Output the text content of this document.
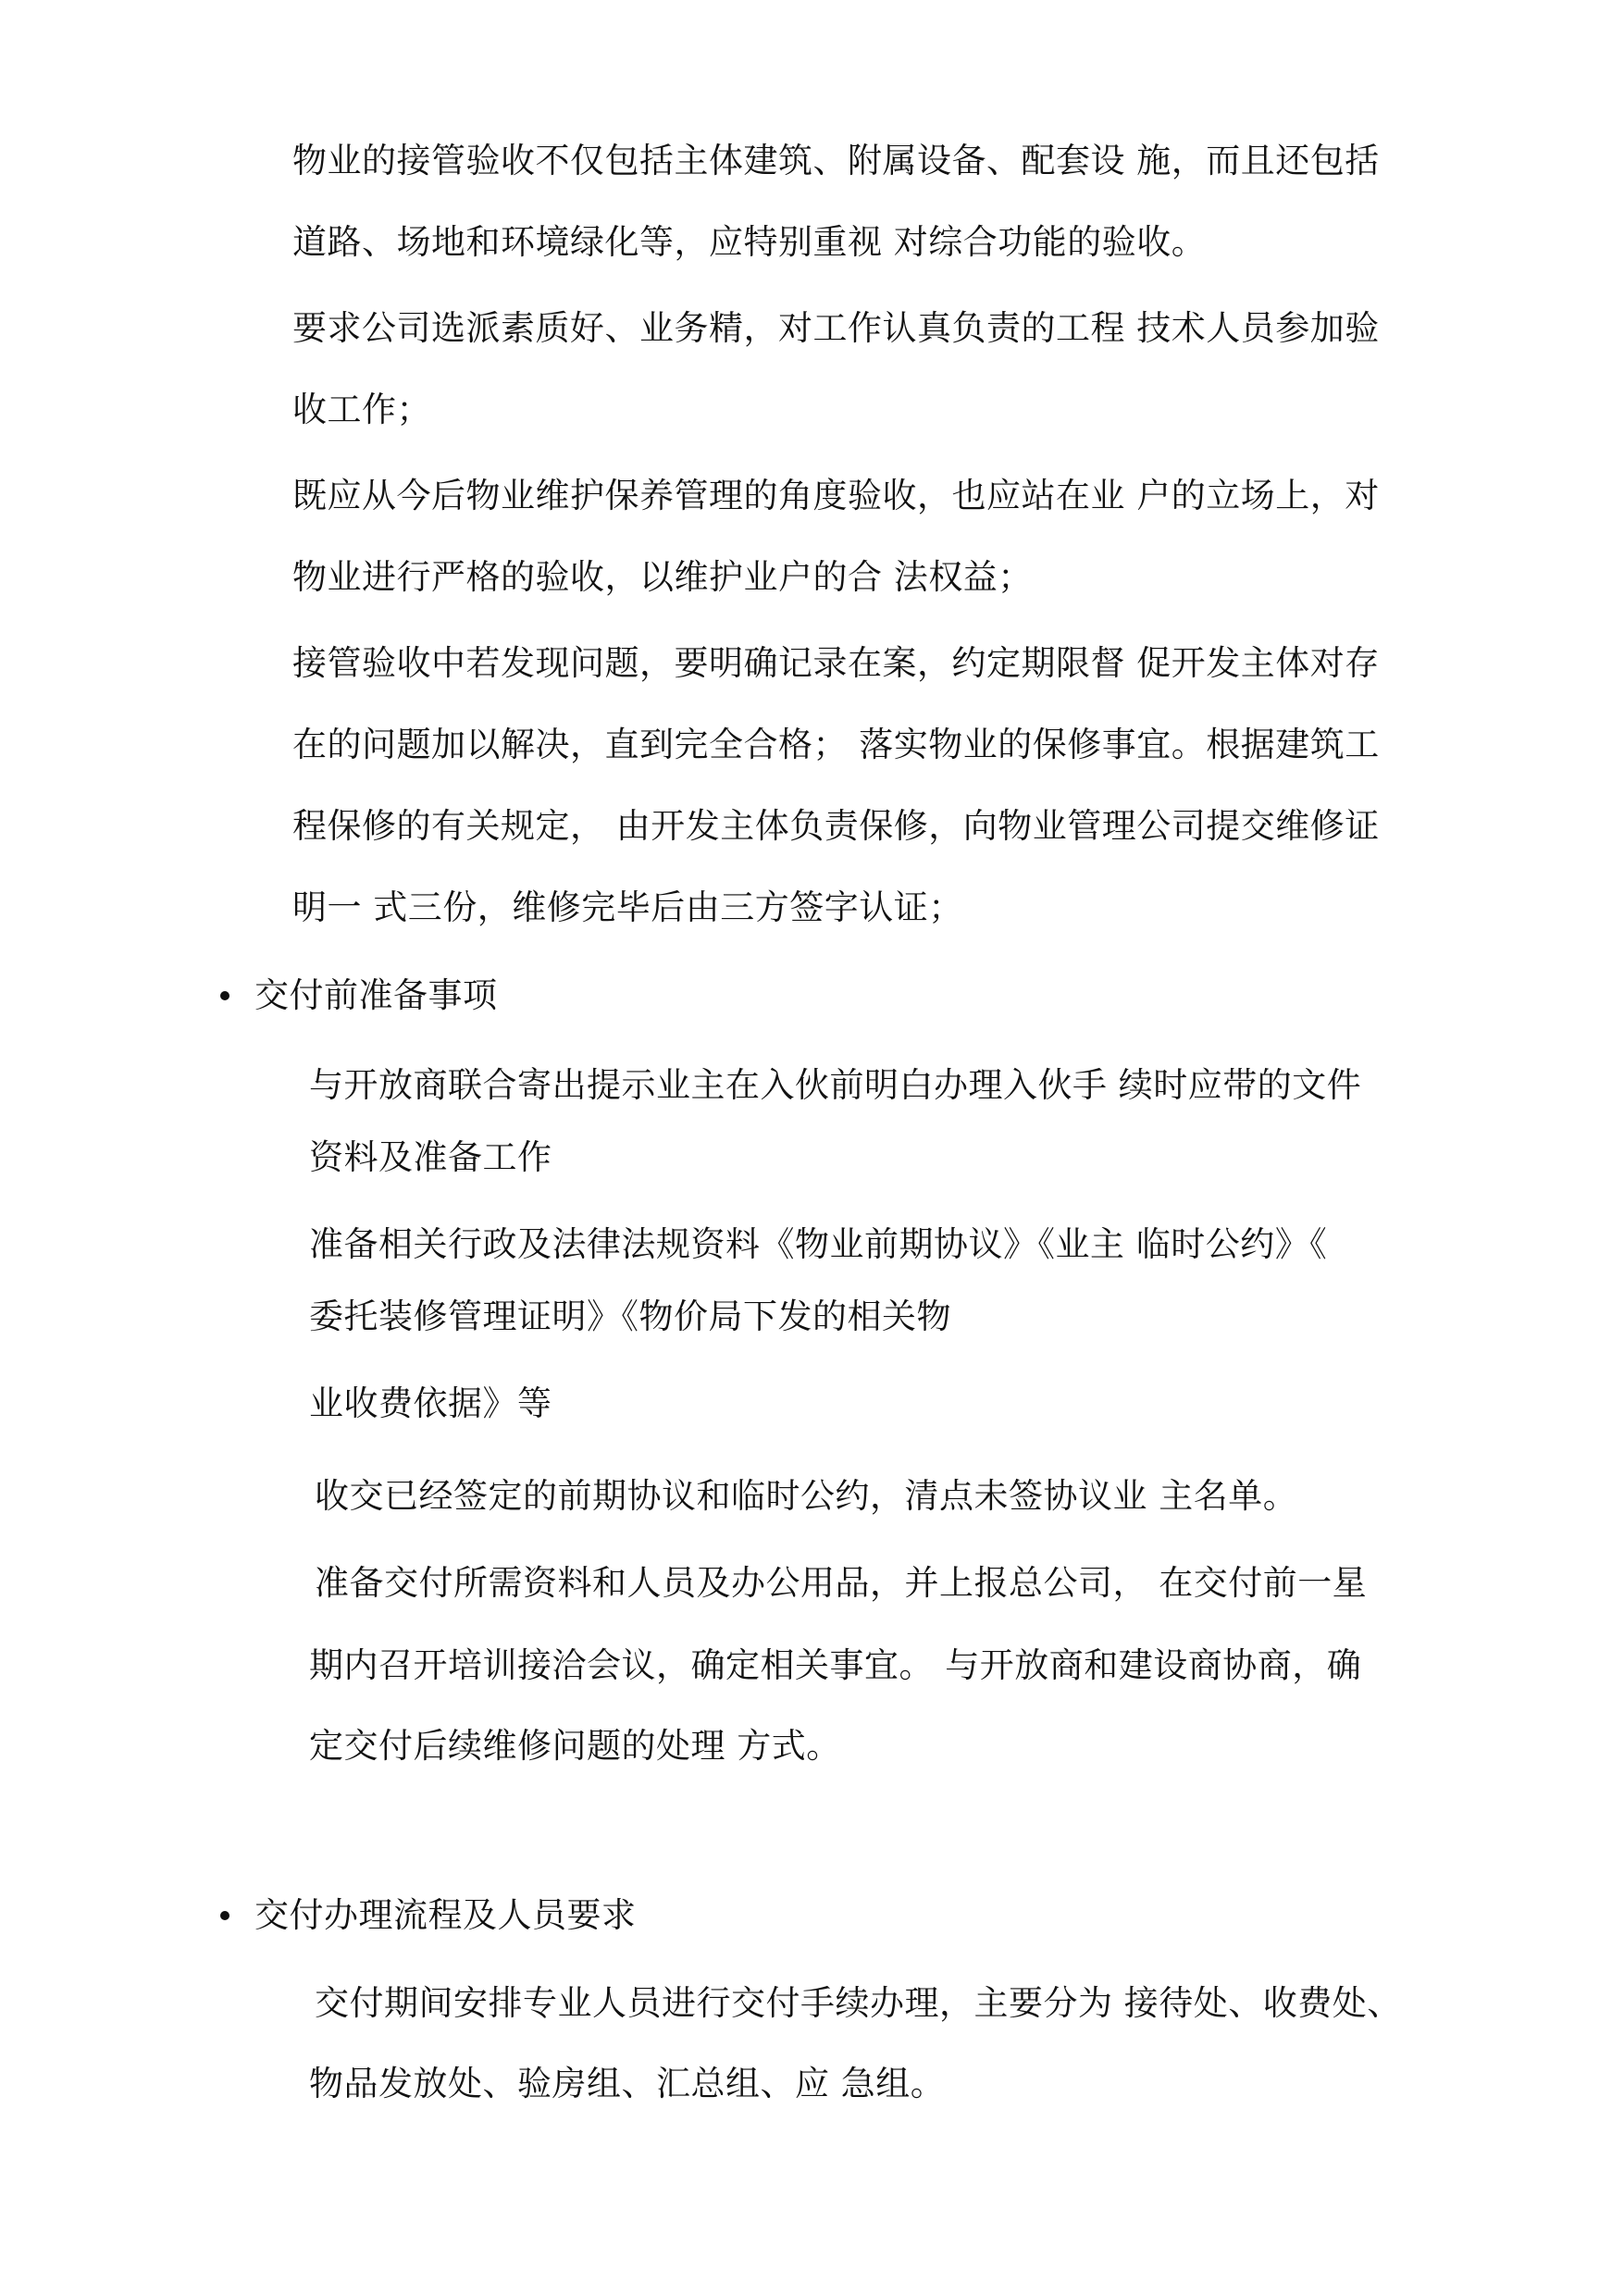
物业的接管验收不仅包括主体建筑、附属设备、配套设 施，而且还包括
道路、场地和环境绿化等，应特别重视 对综合功能的验收。
要求公司选派素质好、业务精，对工作认真负责的工程 技术人员参加验
收工作；
既应从今后物业维护保养管理的角度验收，也应站在业 户的立场上，对
物业进行严格的验收，以维护业户的合 法权益；
接管验收中若发现问题，要明确记录在案，约定期限督 促开发主体对存
在的问题加以解决，直到完全合格； 落实物业的保修事宜。根据建筑工
程保修的有关规定， 由开发主体负责保修，向物业管理公司提交维修证
明一 式三份，维修完毕后由三方签字认证；
交付前准备事项
与开放商联合寄出提示业主在入伙前明白办理入伙手 续时应带的文件
资料及准备工作
准备相关行政及法律法规资料《物业前期协议》《业主 临时公约》《
委托装修管理证明》《物价局下发的相关物
业收费依据》等
收交已经签定的前期协议和临时公约，清点未签协议业 主名单。
准备交付所需资料和人员及办公用品，并上报总公司， 在交付前一星
期内召开培训接洽会议，确定相关事宜。 与开放商和建设商协商，确
定交付后续维修问题的处理 方式。
交付办理流程及人员要求
交付期间安排专业人员进行交付手续办理，主要分为 接待处、收费处、
物品发放处、验房组、汇总组、应 急组。
